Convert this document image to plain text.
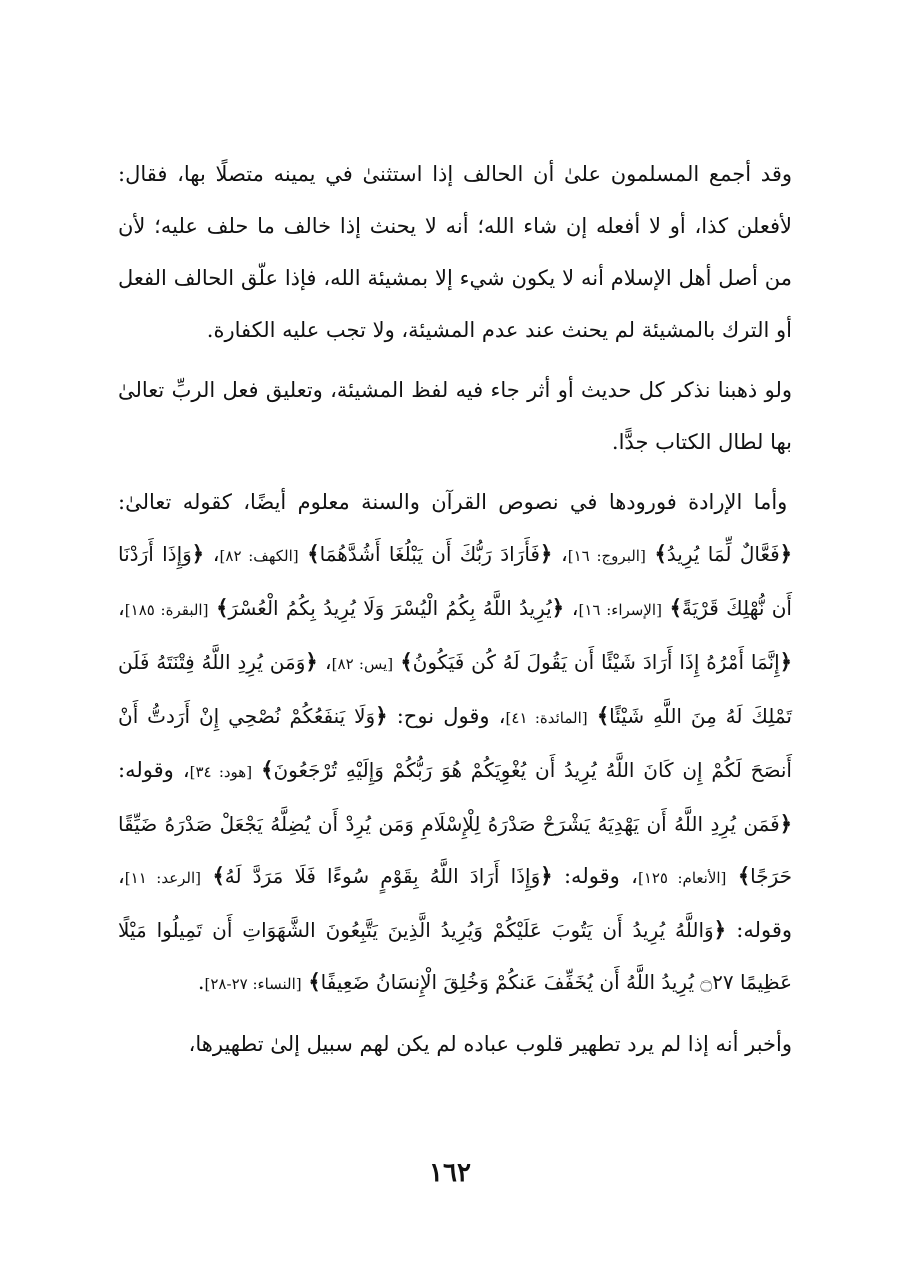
وقد أجمع المسلمون علىٰ أن الحالف إذا استثنىٰ في يمينه متصلًا بها، فقال: لأفعلن كذا، أو لا أفعله إن شاء الله؛ أنه لا يحنث إذا خالف ما حلف عليه؛ لأن من أصل أهل الإسلام أنه لا يكون شيء إلا بمشيئة الله، فإذا علّق الحالف الفعل أو الترك بالمشيئة لم يحنث عند عدم المشيئة، ولا تجب عليه الكفارة.

ولو ذهبنا نذكر كل حديث أو أثر جاء فيه لفظ المشيئة، وتعليق فعل الربِّ تعالىٰ بها لطال الكتاب جدًّا.

وأما الإرادة فورودها في نصوص القرآن والسنة معلوم أيضًا، كقوله تعالىٰ: ﴿فَعَّالٌ لِّمَا يُرِيدُ﴾ [البروج: ١٦]، ﴿فَأَرَادَ رَبُّكَ أَن يَبْلُغَا أَشُدَّهُمَا﴾ [الكهف: ٨٢]، ﴿وَإِذَا أَرَدْنَا أَن نُّهْلِكَ قَرْيَةً﴾ [الإسراء: ١٦]، ﴿يُرِيدُ اللَّهُ بِكُمُ الْيُسْرَ وَلَا يُرِيدُ بِكُمُ الْعُسْرَ﴾ [البقرة: ١٨٥]، ﴿إِنَّمَا أَمْرُهُ إِذَا أَرَادَ شَيْئًا أَن يَقُولَ لَهُ كُن فَيَكُونُ﴾ [يس: ٨٢]، ﴿وَمَن يُرِدِ اللَّهُ فِتْنَتَهُ فَلَن تَمْلِكَ لَهُ مِنَ اللَّهِ شَيْئًا﴾ [المائدة: ٤١]، وقول نوح: ﴿وَلَا يَنفَعُكُمْ نُصْحِي إِنْ أَرَدتُّ أَنْ أَنصَحَ لَكُمْ إِن كَانَ اللَّهُ يُرِيدُ أَن يُغْوِيَكُمْ هُوَ رَبُّكُمْ وَإِلَيْهِ تُرْجَعُونَ﴾ [هود: ٣٤]، وقوله: ﴿فَمَن يُرِدِ اللَّهُ أَن يَهْدِيَهُ يَشْرَحْ صَدْرَهُ لِلْإِسْلَامِ وَمَن يُرِدْ أَن يُضِلَّهُ يَجْعَلْ صَدْرَهُ ضَيِّقًا حَرَجًا﴾ [الأنعام: ١٢٥]، وقوله: ﴿وَإِذَا أَرَادَ اللَّهُ بِقَوْمٍ سُوءًا فَلَا مَرَدَّ لَهُ﴾ [الرعد: ١١]، وقوله: ﴿وَاللَّهُ يُرِيدُ أَن يَتُوبَ عَلَيْكُمْ وَيُرِيدُ الَّذِينَ يَتَّبِعُونَ الشَّهَوَاتِ أَن تَمِيلُوا مَيْلًا عَظِيمًا ۝٢٧ يُرِيدُ اللَّهُ أَن يُخَفِّفَ عَنكُمْ وَخُلِقَ الْإِنسَانُ ضَعِيفًا﴾ [النساء: ٢٧-٢٨].

وأخبر أنه إذا لم يرد تطهير قلوب عباده لم يكن لهم سبيل إلىٰ تطهيرها،

١٦٢
